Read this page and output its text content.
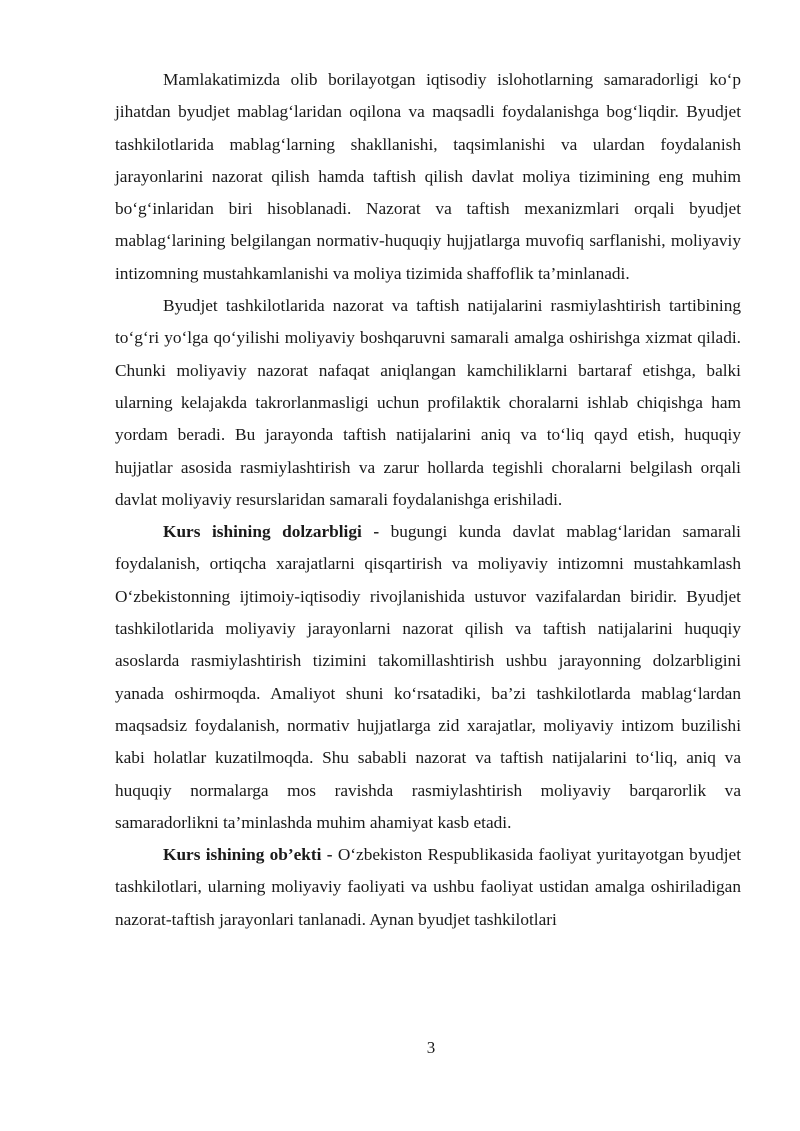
Mamlakatimizda olib borilayotgan iqtisodiy islohotlarning samaradorligi ko‘p jihatdan byudjet mablag‘laridan oqilona va maqsadli foydalanishga bog‘liqdir. Byudjet tashkilotlarida mablag‘larning shakllanishi, taqsimlanishi va ulardan foydalanish jarayonlarini nazorat qilish hamda taftish qilish davlat moliya tizimining eng muhim bo‘g‘inlaridan biri hisoblanadi. Nazorat va taftish mexanizmlari orqali byudjet mablag‘larining belgilangan normativ-huquqiy hujjatlarga muvofiq sarflanishi, moliyaviy intizomning mustahkamlanishi va moliya tizimida shaffoflik ta’minlanadi.

Byudjet tashkilotlarida nazorat va taftish natijalarini rasmiylashtirish tartibining to‘g‘ri yo‘lga qo‘yilishi moliyaviy boshqaruvni samarali amalga oshirishga xizmat qiladi. Chunki moliyaviy nazorat nafaqat aniqlangan kamchiliklarni bartaraf etishga, balki ularning kelajakda takrorlanmasligi uchun profilaktik choralarni ishlab chiqishga ham yordam beradi. Bu jarayonda taftish natijalarini aniq va to‘liq qayd etish, huquqiy hujjatlar asosida rasmiylashtirish va zarur hollarda tegishli choralarni belgilash orqali davlat moliyaviy resurslaridan samarali foydalanishga erishiladi.

Kurs ishining dolzarbligi - bugungi kunda davlat mablag‘laridan samarali foydalanish, ortiqcha xarajatlarni qisqartirish va moliyaviy intizomni mustahkamlash O‘zbekistonning ijtimoiy-iqtisodiy rivojlanishida ustuvor vazifalardan biridir. Byudjet tashkilotlarida moliyaviy jarayonlarni nazorat qilish va taftish natijalarini huquqiy asoslarda rasmiylashtirish tizimini takomillashtirish ushbu jarayonning dolzarbligini yanada oshirmoqda. Amaliyot shuni ko‘rsatadiki, ba’zi tashkilotlarda mablag‘lardan maqsadsiz foydalanish, normativ hujjatlarga zid xarajatlar, moliyaviy intizom buzilishi kabi holatlar kuzatilmoqda. Shu sababli nazorat va taftish natijalarini to‘liq, aniq va huquqiy normalarga mos ravishda rasmiylashtirish moliyaviy barqarorlik va samaradorlikni ta’minlashda muhim ahamiyat kasb etadi.

Kurs ishining ob’ekti - O‘zbekiston Respublikasida faoliyat yuritayotgan byudjet tashkilotlari, ularning moliyaviy faoliyati va ushbu faoliyat ustidan amalga oshiriladigan nazorat-taftish jarayonlari tanlanadi. Aynan byudjet tashkilotlari

3
